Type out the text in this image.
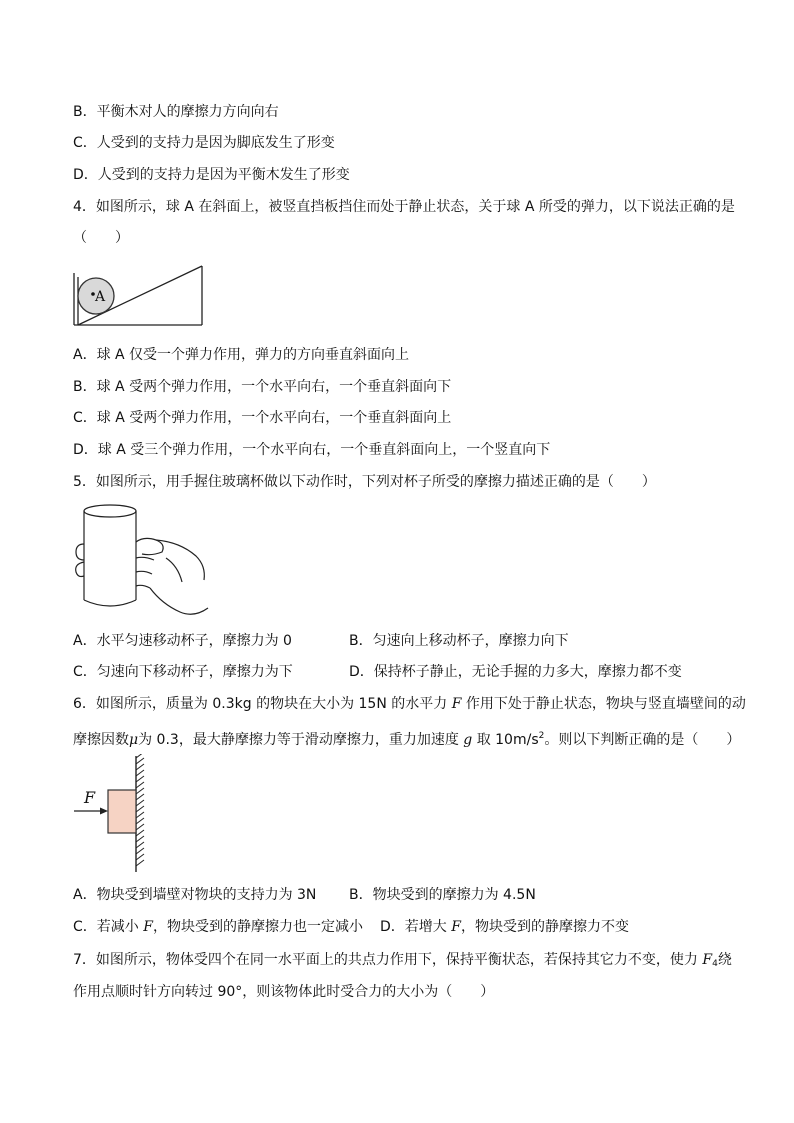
B．平衡木对人的摩擦力方向向右
C．人受到的支持力是因为脚底发生了形变
D．人受到的支持力是因为平衡木发生了形变
4．如图所示，球 A 在斜面上，被竖直挡板挡住而处于静止状态，关于球 A 所受的弹力，以下说法正确的是
（　　）
A
A．球 A 仅受一个弹力作用，弹力的方向垂直斜面向上
B．球 A 受两个弹力作用，一个水平向右，一个垂直斜面向下
C．球 A 受两个弹力作用，一个水平向右，一个垂直斜面向上
D．球 A 受三个弹力作用，一个水平向右，一个垂直斜面向上，一个竖直向下
5．如图所示，用手握住玻璃杯做以下动作时，下列对杯子所受的摩擦力描述正确的是（　　）
A．水平匀速移动杯子，摩擦力为 0	B．匀速向上移动杯子，摩擦力向下
C．匀速向下移动杯子，摩擦力为下	D．保持杯子静止，无论手握的力多大，摩擦力都不变
6．如图所示，质量为 0.3kg 的物块在大小为 15N 的水平力 F 作用下处于静止状态，物块与竖直墙壁间的动
摩擦因数μ为 0.3，最大静摩擦力等于滑动摩擦力，重力加速度 g 取 $10m/s^2$。则以下判断正确的是（　　）
F
A．物块受到墙壁对物块的支持力为 3N B．物块受到的摩擦力为 4.5N
C．若减小 F，物块受到的静摩擦力也一定减小 D．若增大 F，物块受到的静摩擦力不变
7．如图所示，物体受四个在同一水平面上的共点力作用下，保持平衡状态，若保持其它力不变，使力 $F_4$绕
作用点顺时针方向转过 90°，则该物体此时受合力的大小为（　　）
